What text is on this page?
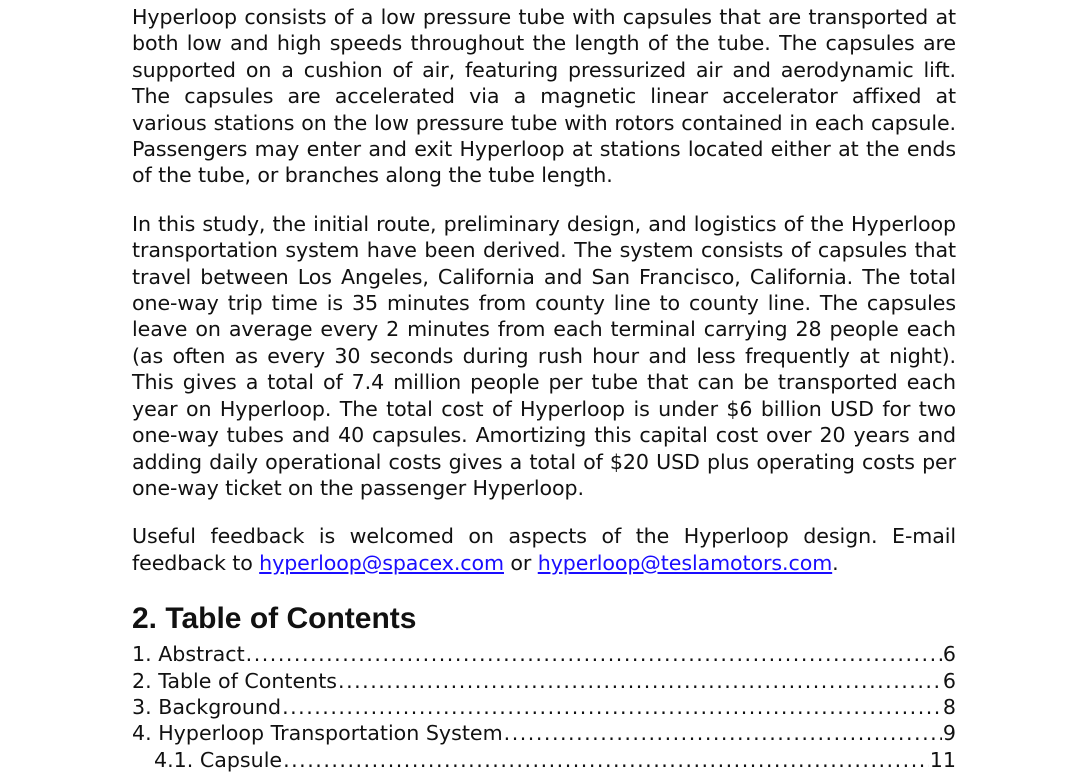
Hyperloop consists of a low pressure tube with capsules that are transported at both low and high speeds throughout the length of the tube. The capsules are supported on a cushion of air, featuring pressurized air and aerodynamic lift. The capsules are accelerated via a magnetic linear accelerator affixed at various stations on the low pressure tube with rotors contained in each capsule. Passengers may enter and exit Hyperloop at stations located either at the ends of the tube, or branches along the tube length.

In this study, the initial route, preliminary design, and logistics of the Hyperloop transportation system have been derived. The system consists of capsules that travel between Los Angeles, California and San Francisco, California. The total one-way trip time is 35 minutes from county line to county line. The capsules leave on average every 2 minutes from each terminal carrying 28 people each (as often as every 30 seconds during rush hour and less frequently at night). This gives a total of 7.4 million people per tube that can be transported each year on Hyperloop. The total cost of Hyperloop is under $6 billion USD for two one-way tubes and 40 capsules. Amortizing this capital cost over 20 years and adding daily operational costs gives a total of $20 USD plus operating costs per one-way ticket on the passenger Hyperloop.

Useful feedback is welcomed on aspects of the Hyperloop design. E-mail feedback to hyperloop@spacex.com or hyperloop@teslamotors.com.

2. Table of Contents
1. Abstract .....	6
2. Table of Contents .....	6
3. Background .....	8
4. Hyperloop Transportation System .....	9
4.1. Capsule .....	11
